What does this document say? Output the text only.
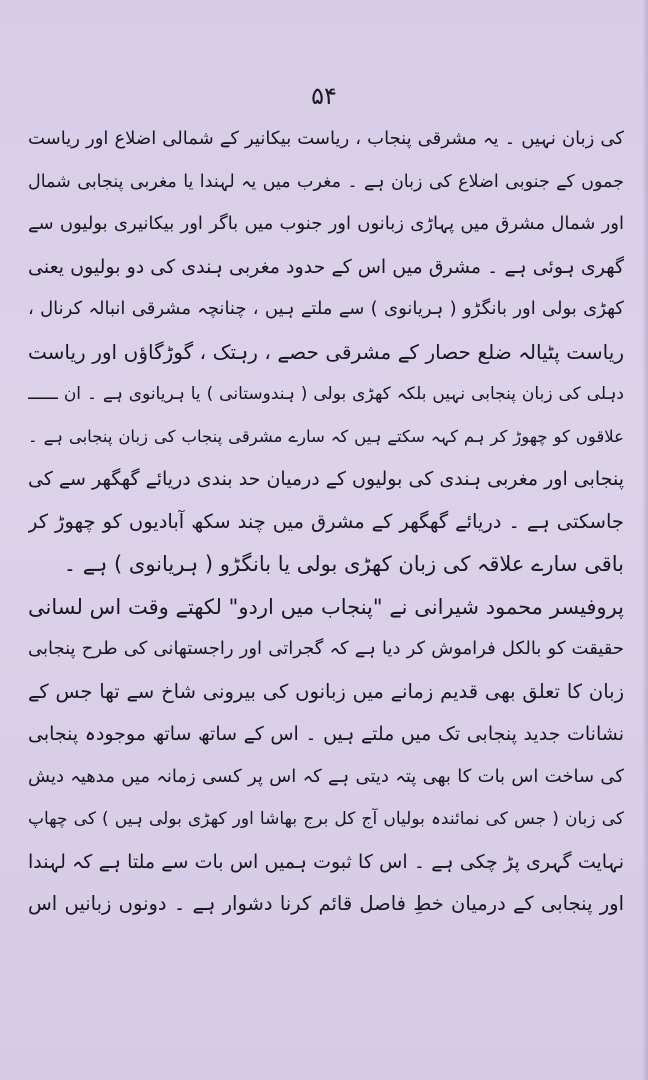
۵۴
کی زبان نہیں ۔ یہ مشرقی پنجاب ، ریاست بیکانیر کے شمالی اضلاع اور ریاست
جموں کے جنوبی اضلاع کی زبان ہے ۔ مغرب میں یہ لہندا یا مغربی پنجابی شمال
اور شمال مشرق میں پہاڑی زبانوں اور جنوب میں باگر اور بیکانیری بولیوں سے
گھری ہوئی ہے ۔ مشرق میں اس کے حدود مغربی ہندی کی دو بولیوں یعنی
کھڑی بولی اور بانگڑو ( ہریانوی ) سے ملتے ہیں ، چنانچہ مشرقی انبالہ کرنال ،
ریاست پٹیالہ ضلع حصار کے مشرقی حصے ، رہتک ، گوڑگاؤں اور ریاست
دہلی کی زبان پنجابی نہیں بلکہ کھڑی بولی ( ہندوستانی ) یا ہریانوی ہے ۔ ان ــــــ
علاقوں کو چھوڑ کر ہم کہہ سکتے ہیں کہ سارے مشرقی پنجاب کی زبان پنجابی ہے ۔
پنجابی اور مغربی ہندی کی بولیوں کے درمیان حد بندی دریائے گھگھر سے کی
جاسکتی ہے ۔ دریائے گھگھر کے مشرق میں چند سکھ آبادیوں کو چھوڑ کر
باقی سارے علاقہ کی زبان کھڑی بولی یا بانگڑو ( ہریانوی ) ہے ۔
پروفیسر محمود شیرانی نے "پنجاب میں اردو" لکھتے وقت اس لسانی
حقیقت کو بالکل فراموش کر دیا ہے کہ گجراتی اور راجستھانی کی طرح پنجابی
زبان کا تعلق بھی قدیم زمانے میں زبانوں کی بیرونی شاخ سے تھا جس کے
نشانات جدید پنجابی تک میں ملتے ہیں ۔ اس کے ساتھ ساتھ موجودہ پنجابی
کی ساخت اس بات کا بھی پتہ دیتی ہے کہ اس پر کسی زمانہ میں مدھیہ دیش
کی زبان ( جس کی نمائندہ بولیاں آج کل برج بھاشا اور کھڑی بولی ہیں ) کی چھاپ
نہایت گہری پڑ چکی ہے ۔ اس کا ثبوت ہمیں اس بات سے ملتا ہے کہ لہندا
اور پنجابی کے درمیان خطِ فاصل قائم کرنا دشوار ہے ۔ دونوں زبانیں اس
